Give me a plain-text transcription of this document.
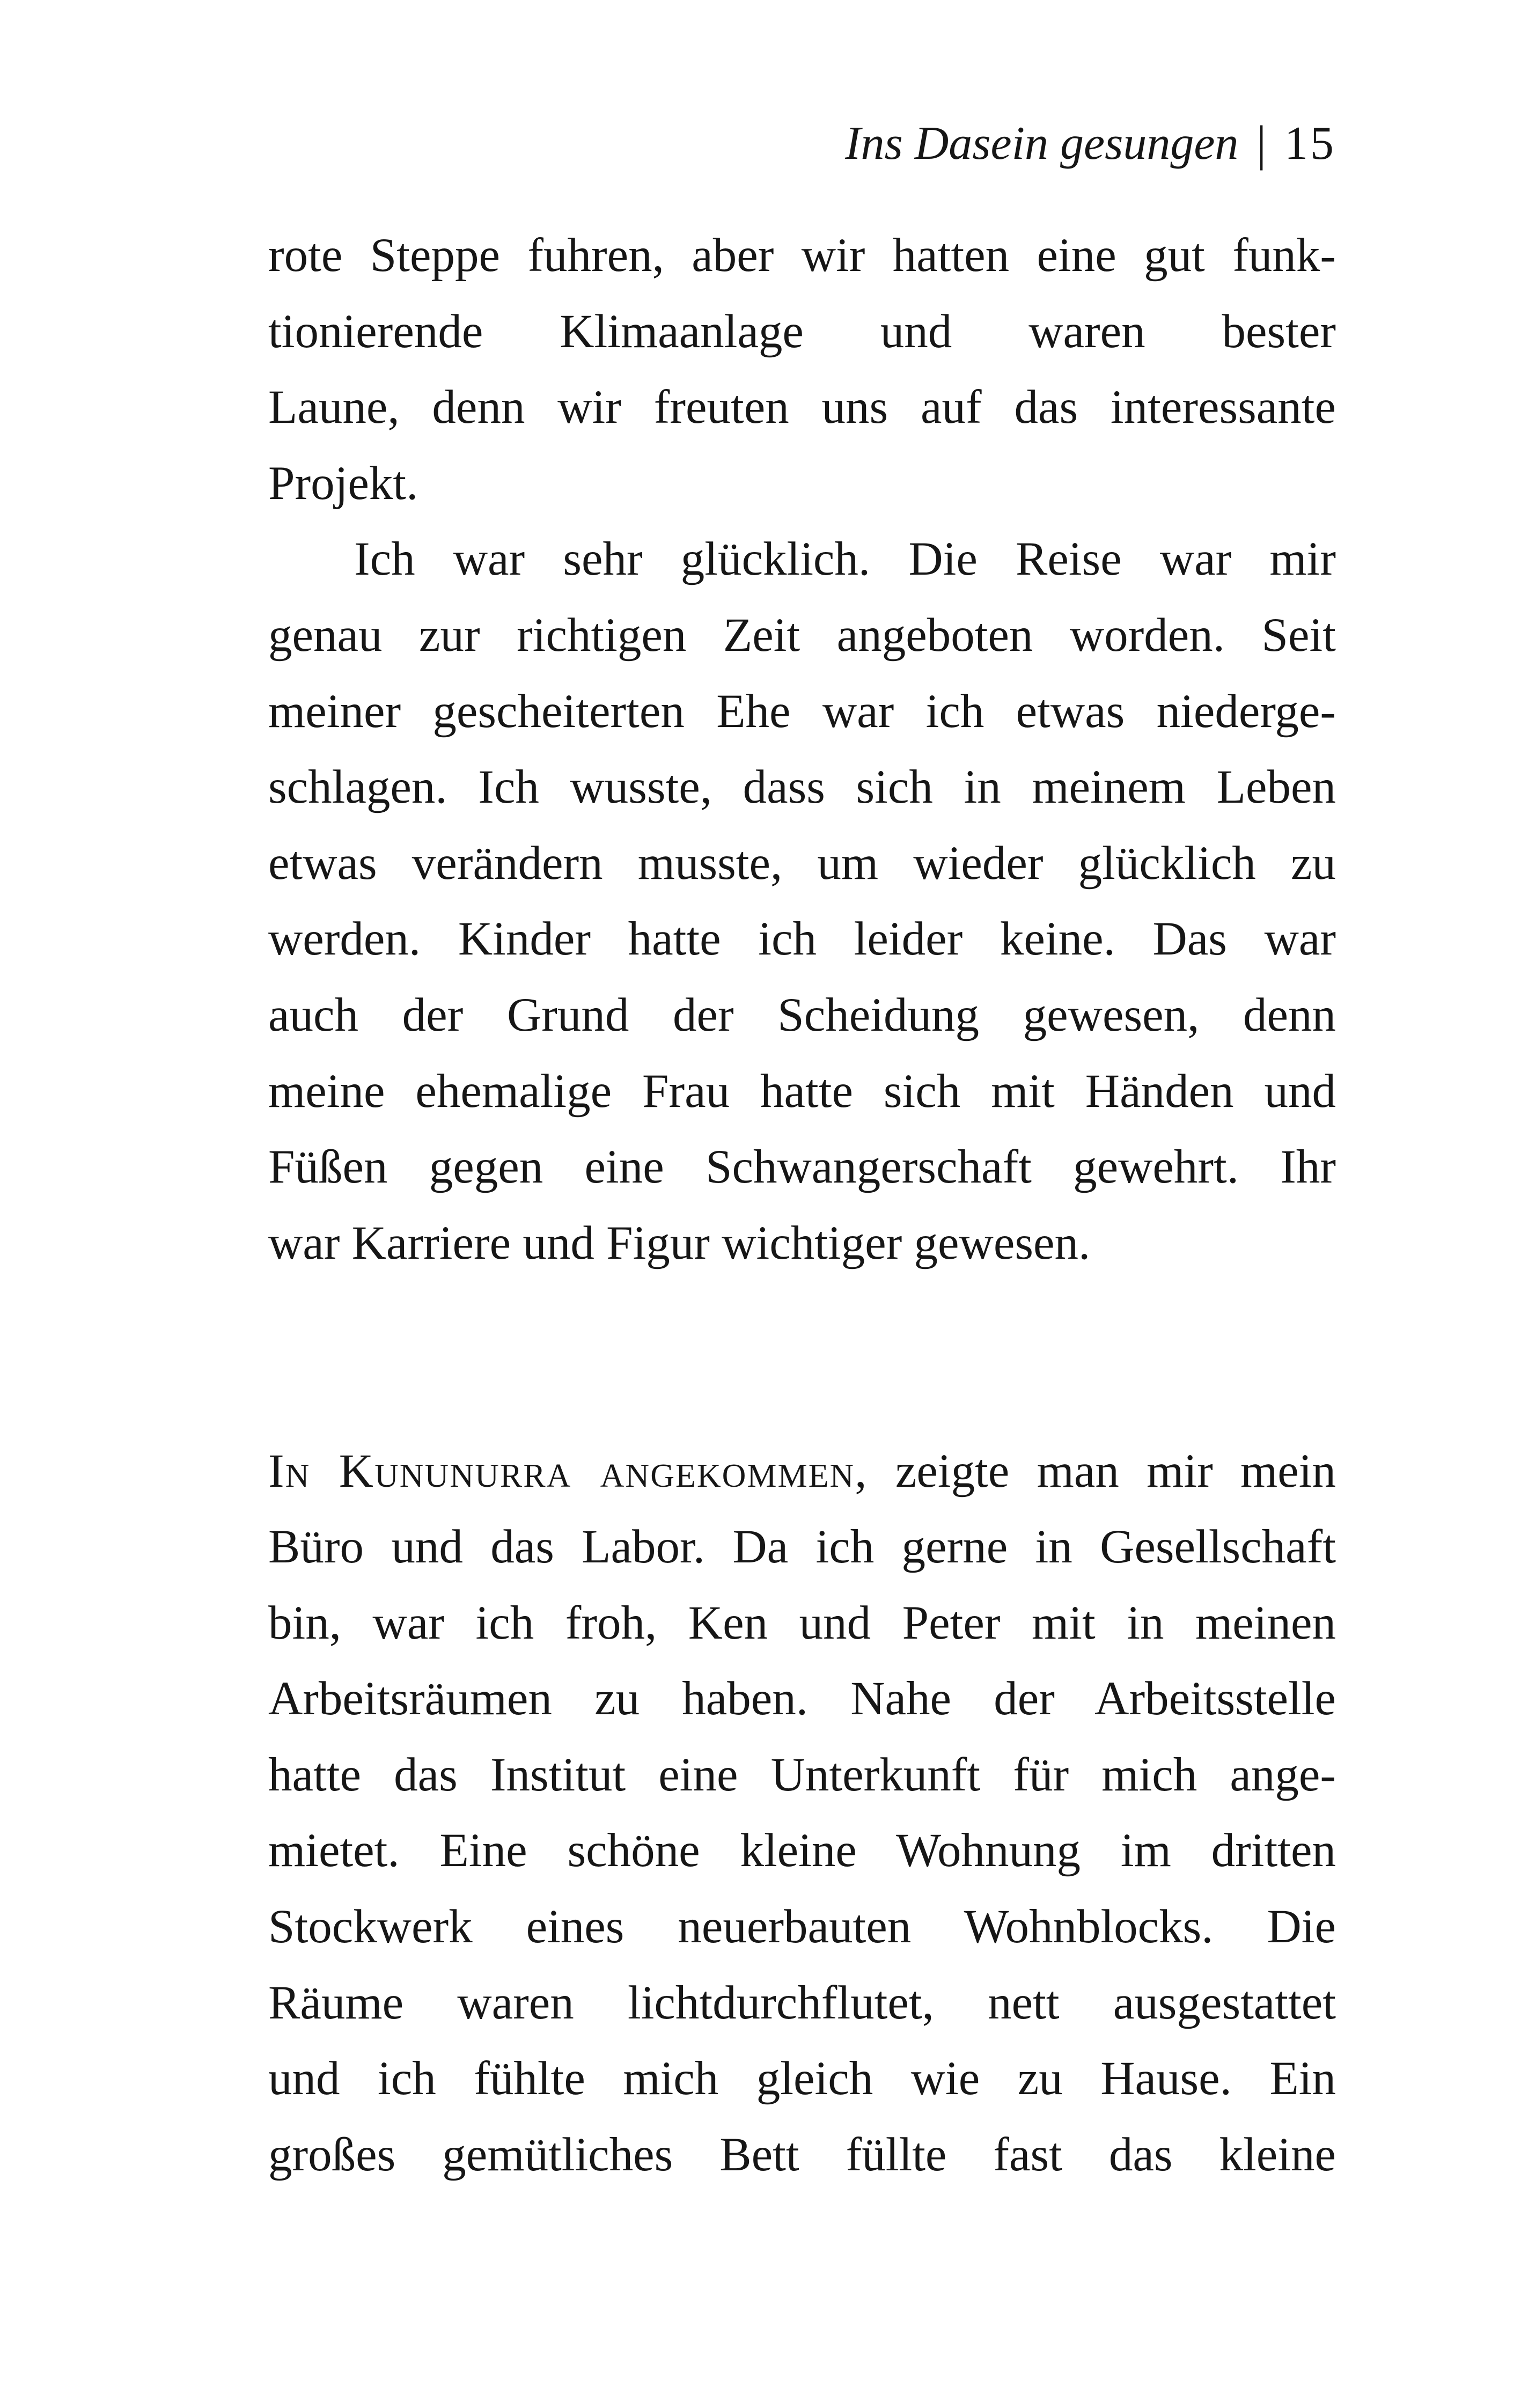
Ins Dasein gesungen | 15
rote Steppe fuhren, aber wir hatten eine gut funk-
tionierende Klimaanlage und waren bester
Laune, denn wir freuten uns auf das interessante
Projekt.
Ich war sehr glücklich. Die Reise war mir
genau zur richtigen Zeit angeboten worden. Seit
meiner gescheiterten Ehe war ich etwas niederge-
schlagen. Ich wusste, dass sich in meinem Leben
etwas verändern musste, um wieder glücklich zu
werden. Kinder hatte ich leider keine. Das war
auch der Grund der Scheidung gewesen, denn
meine ehemalige Frau hatte sich mit Händen und
Füßen gegen eine Schwangerschaft gewehrt. Ihr
war Karriere und Figur wichtiger gewesen.
In Kununurra angekommen, zeigte man mir mein
Büro und das Labor. Da ich gerne in Gesellschaft
bin, war ich froh, Ken und Peter mit in meinen
Arbeitsräumen zu haben. Nahe der Arbeitsstelle
hatte das Institut eine Unterkunft für mich ange-
mietet. Eine schöne kleine Wohnung im dritten
Stockwerk eines neuerbauten Wohnblocks. Die
Räume waren lichtdurchflutet, nett ausgestattet
und ich fühlte mich gleich wie zu Hause. Ein
großes gemütliches Bett füllte fast das kleine
